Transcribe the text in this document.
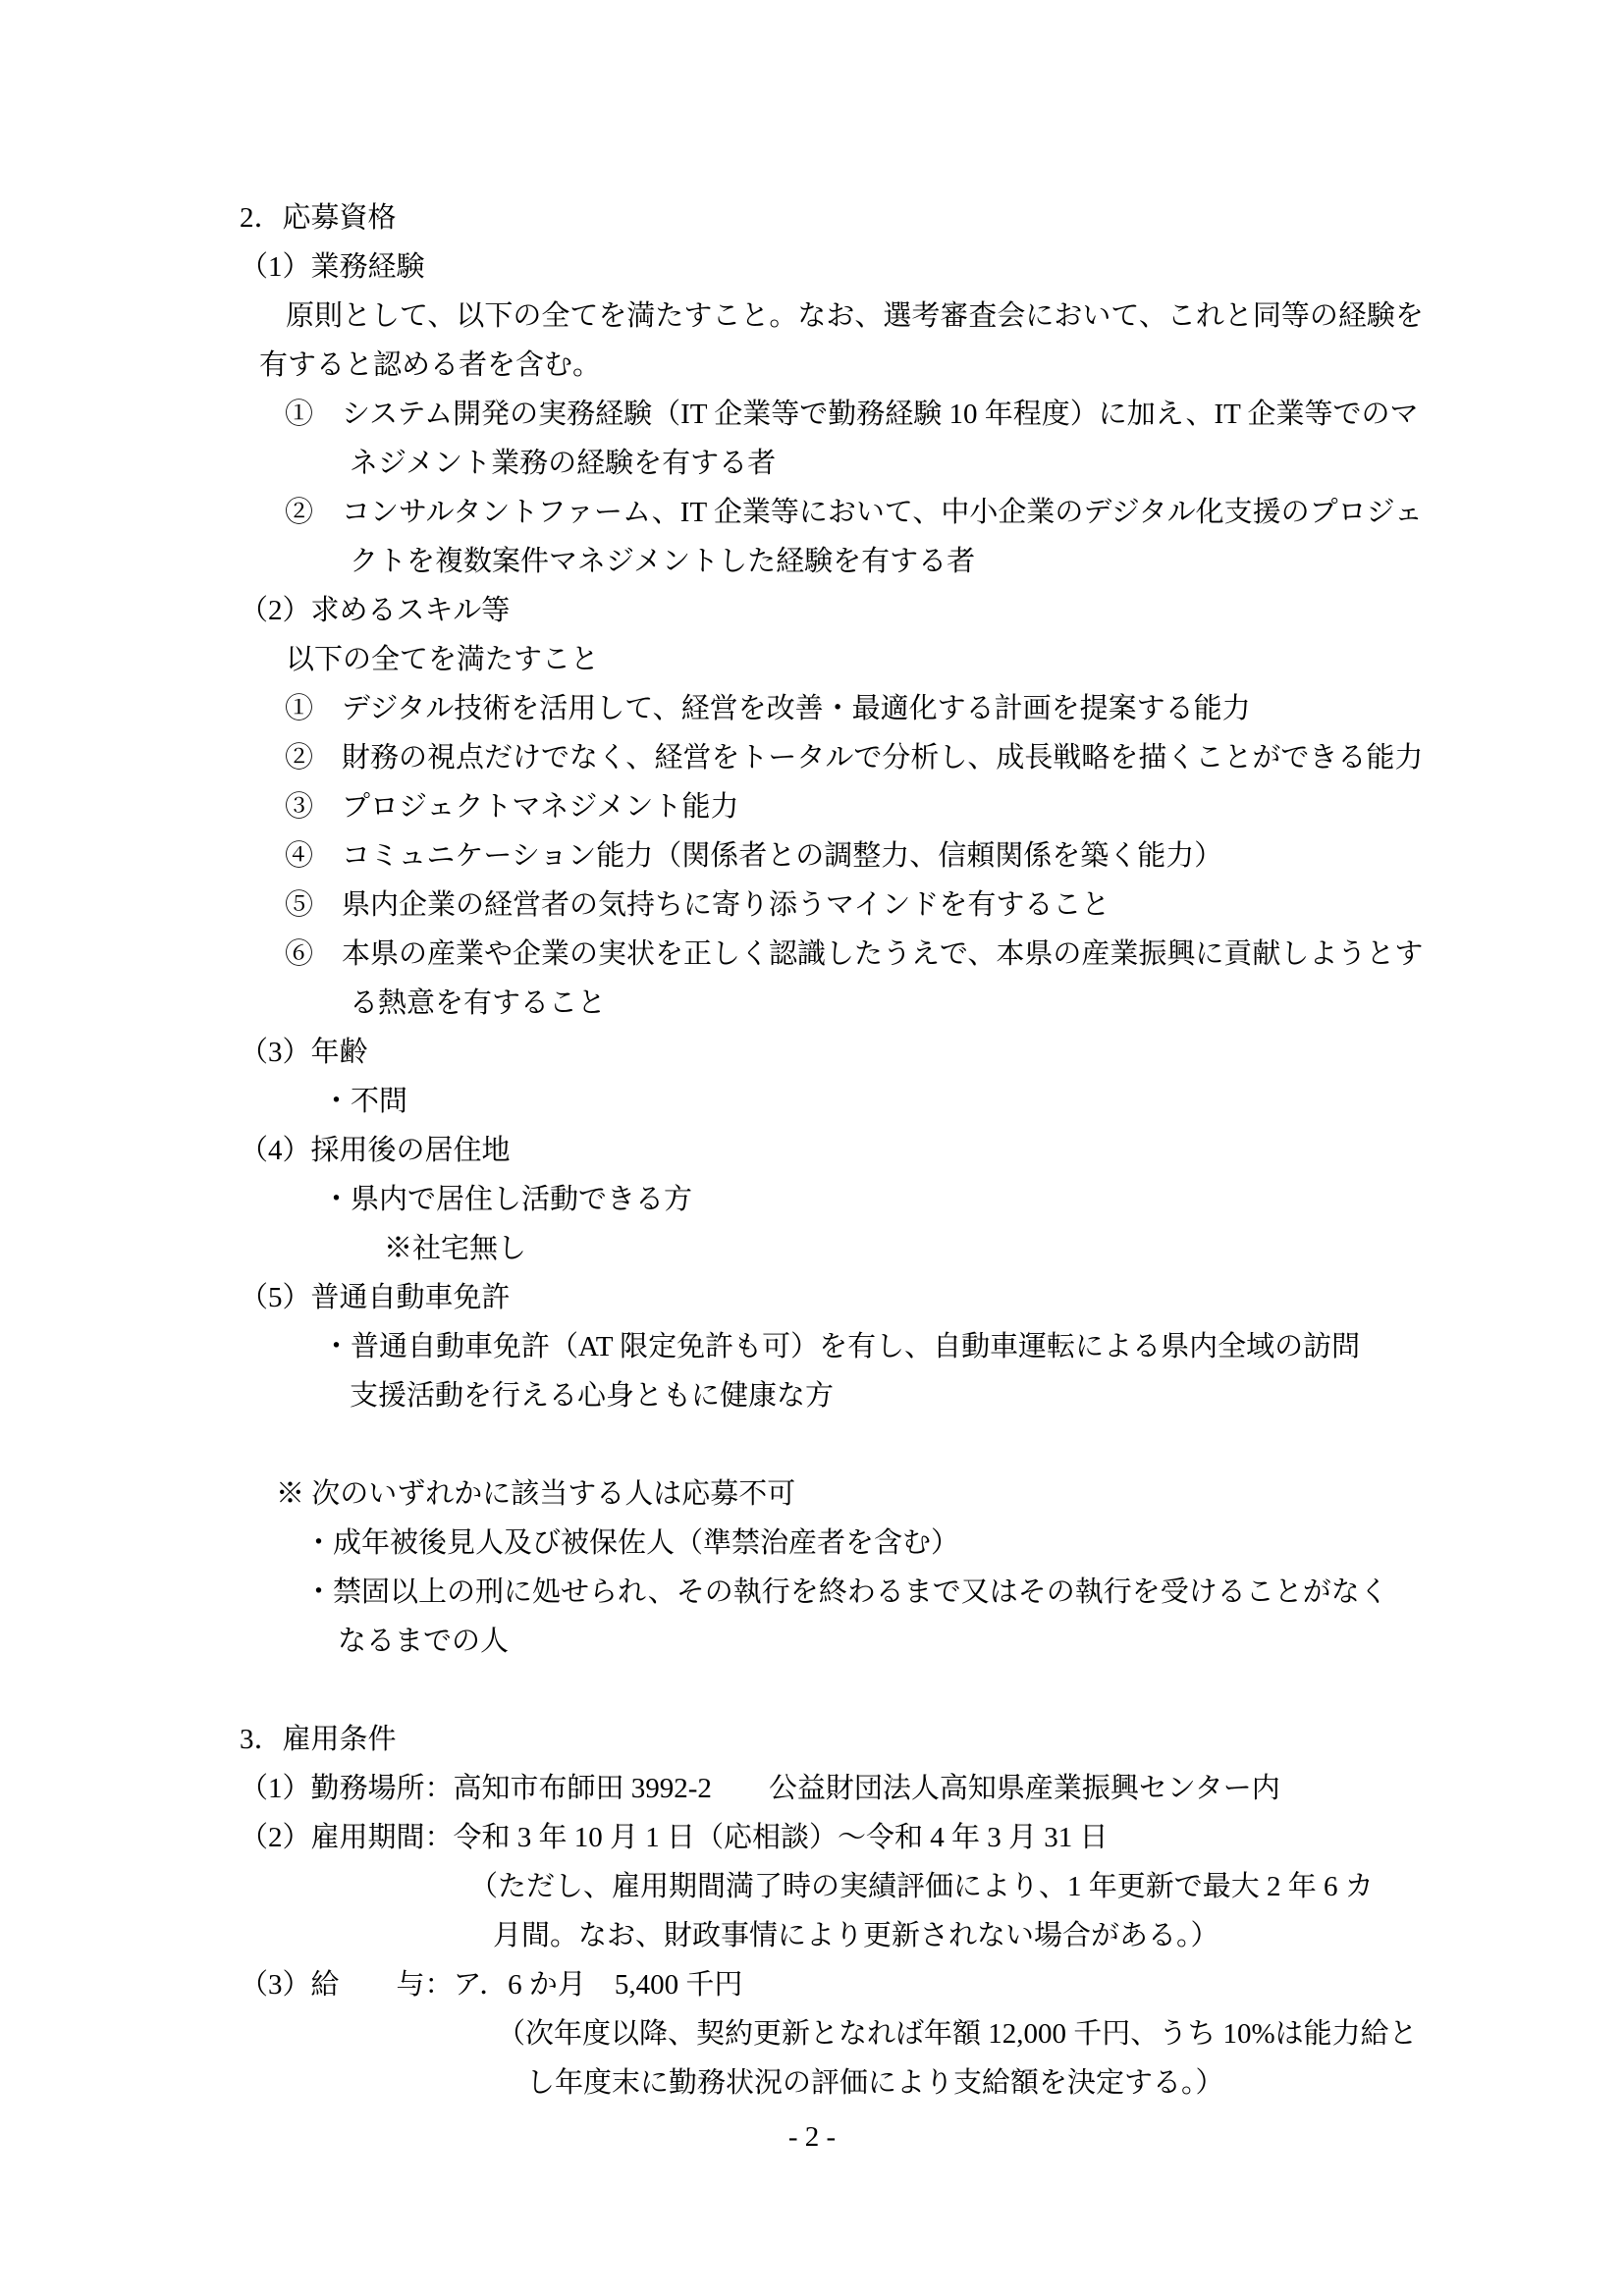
2．応募資格
（1）業務経験
原則として、以下の全てを満たすこと。なお、選考審査会において、これと同等の経験を
有すると認める者を含む。
①　システム開発の実務経験（IT 企業等で勤務経験 10 年程度）に加え、IT 企業等でのマ
ネジメント業務の経験を有する者
②　コンサルタントファーム、IT 企業等において、中小企業のデジタル化支援のプロジェ
クトを複数案件マネジメントした経験を有する者
（2）求めるスキル等
以下の全てを満たすこと
①　デジタル技術を活用して、経営を改善・最適化する計画を提案する能力
②　財務の視点だけでなく、経営をトータルで分析し、成長戦略を描くことができる能力
③　プロジェクトマネジメント能力
④　コミュニケーション能力（関係者との調整力、信頼関係を築く能力）
⑤　県内企業の経営者の気持ちに寄り添うマインドを有すること
⑥　本県の産業や企業の実状を正しく認識したうえで、本県の産業振興に貢献しようとす
る熱意を有すること
（3）年齢
・不問
（4）採用後の居住地
・県内で居住し活動できる方
※社宅無し
（5）普通自動車免許
・普通自動車免許（AT 限定免許も可）を有し、自動車運転による県内全域の訪問
支援活動を行える心身ともに健康な方
※ 次のいずれかに該当する人は応募不可
・成年被後見人及び被保佐人（準禁治産者を含む）
・禁固以上の刑に処せられ、その執行を終わるまで又はその執行を受けることがなく
なるまでの人
3．雇用条件
（1）勤務場所：高知市布師田 3992-2　　公益財団法人高知県産業振興センター内
（2）雇用期間：令和 3 年 10 月 1 日（応相談）～令和 4 年 3 月 31 日
（ただし、雇用期間満了時の実績評価により、1 年更新で最大 2 年 6 カ
月間。なお、財政事情により更新されない場合がある。）
（3）給　　与：ア．6 か月　5,400 千円
（次年度以降、契約更新となれば年額 12,000 千円、うち 10%は能力給と
し年度末に勤務状況の評価により支給額を決定する。）
- 2 -
